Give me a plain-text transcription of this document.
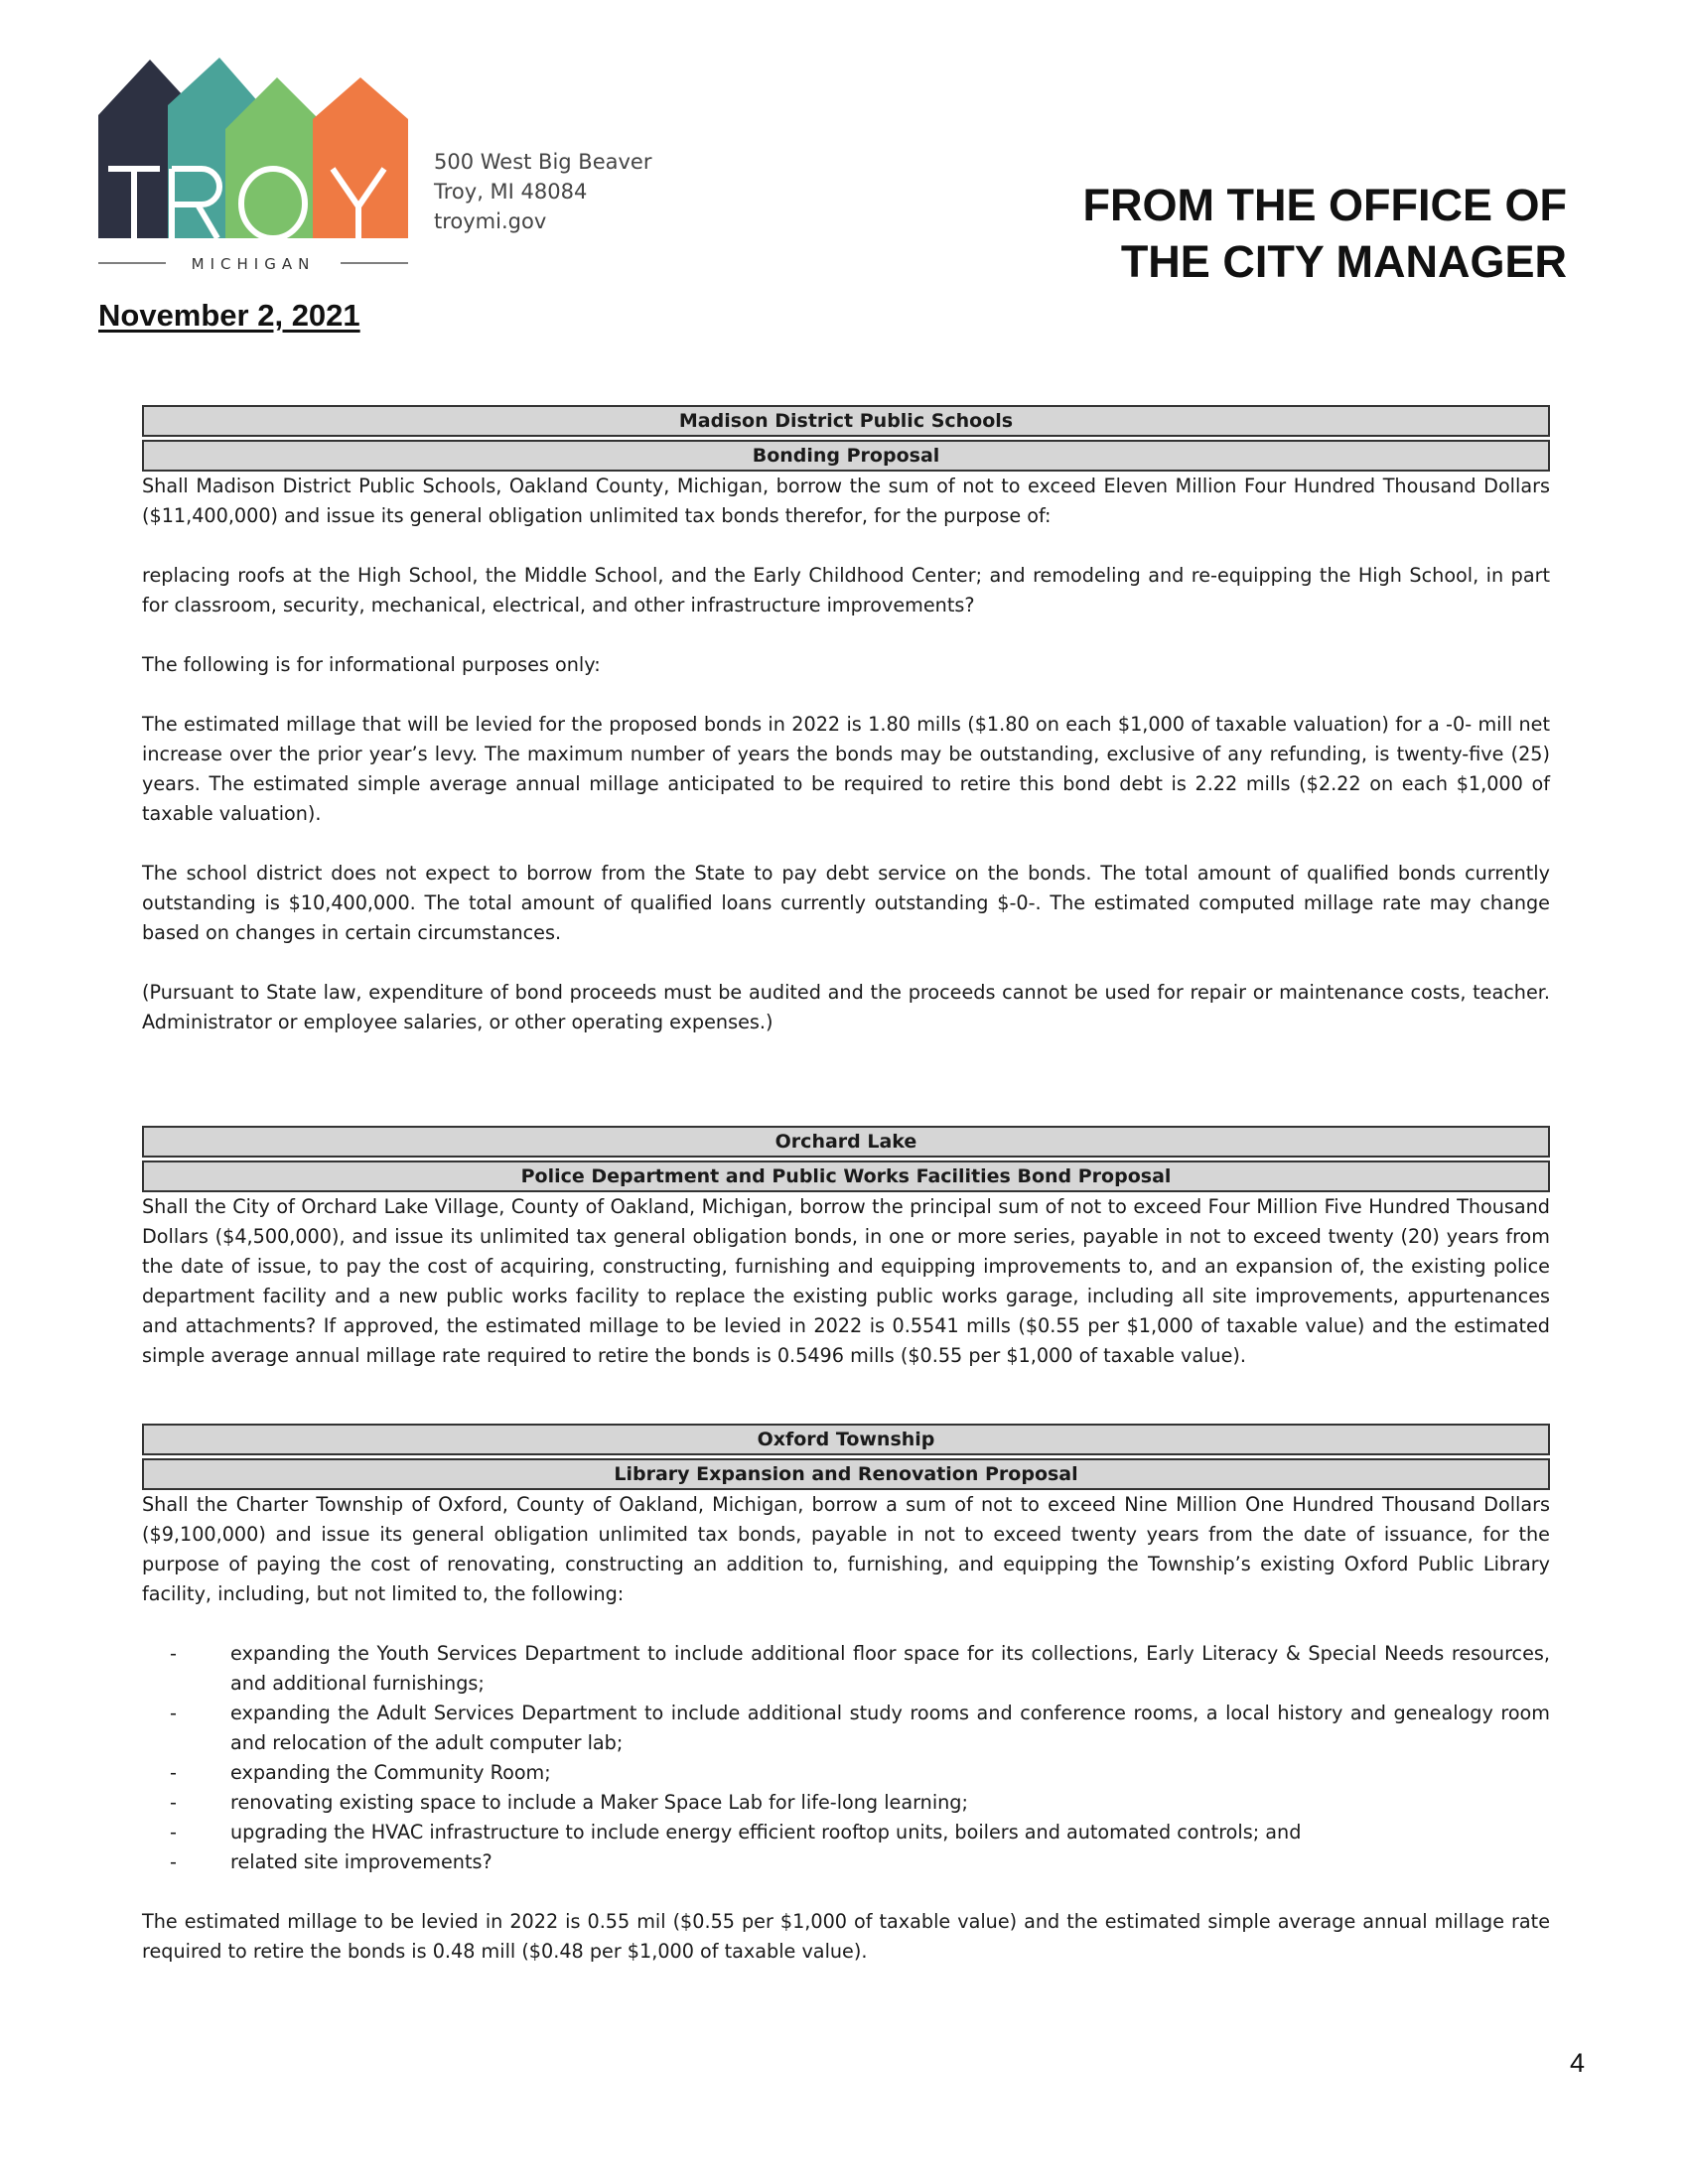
MICHIGAN
500 West Big Beaver
Troy, MI 48084
troymi.gov	FROM THE OFFICE OF
THE CITY MANAGER
November 2, 2021
Madison District Public Schools
Bonding Proposal

Shall Madison District Public Schools, Oakland County, Michigan, borrow the sum of not to exceed Eleven Million Four Hundred Thousand Dollars ($11,400,000) and issue its general obligation unlimited tax bonds therefor, for the purpose of:

replacing roofs at the High School, the Middle School, and the Early Childhood Center; and remodeling and re-equipping the High School, in part for classroom, security, mechanical, electrical, and other infrastructure improvements?

The following is for informational purposes only:

The estimated millage that will be levied for the proposed bonds in 2022 is 1.80 mills ($1.80 on each $1,000 of taxable valuation) for a -0- mill net increase over the prior year’s levy. The maximum number of years the bonds may be outstanding, exclusive of any refunding, is twenty-five (25) years. The estimated simple average annual millage anticipated to be required to retire this bond debt is 2.22 mills ($2.22 on each $1,000 of taxable valuation).

The school district does not expect to borrow from the State to pay debt service on the bonds. The total amount of qualified bonds currently outstanding is $10,400,000. The total amount of qualified loans currently outstanding $-0-. The estimated computed millage rate may change based on changes in certain circumstances.

(Pursuant to State law, expenditure of bond proceeds must be audited and the proceeds cannot be used for repair or maintenance costs, teacher. Administrator or employee salaries, or other operating expenses.)

Orchard Lake
Police Department and Public Works Facilities Bond Proposal

Shall the City of Orchard Lake Village, County of Oakland, Michigan, borrow the principal sum of not to exceed Four Million Five Hundred Thousand Dollars ($4,500,000), and issue its unlimited tax general obligation bonds, in one or more series, payable in not to exceed twenty (20) years from the date of issue, to pay the cost of acquiring, constructing, furnishing and equipping improvements to, and an expansion of, the existing police department facility and a new public works facility to replace the existing public works garage, including all site improvements, appurtenances and attachments? If approved, the estimated millage to be levied in 2022 is 0.5541 mills ($0.55 per $1,000 of taxable value) and the estimated simple average annual millage rate required to retire the bonds is 0.5496 mills ($0.55 per $1,000 of taxable value).

Oxford Township
Library Expansion and Renovation Proposal

Shall the Charter Township of Oxford, County of Oakland, Michigan, borrow a sum of not to exceed Nine Million One Hundred Thousand Dollars ($9,100,000) and issue its general obligation unlimited tax bonds, payable in not to exceed twenty years from the date of issuance, for the purpose of paying the cost of renovating, constructing an addition to, furnishing, and equipping the Township’s existing Oxford Public Library facility, including, but not limited to, the following:

-	expanding the Youth Services Department to include additional floor space for its collections, Early Literacy & Special Needs resources, and additional furnishings;
-	expanding the Adult Services Department to include additional study rooms and conference rooms, a local history and genealogy room and relocation of the adult computer lab;
-	expanding the Community Room;
-	renovating existing space to include a Maker Space Lab for life-long learning;
-	upgrading the HVAC infrastructure to include energy efficient rooftop units, boilers and automated controls; and
-	related site improvements?

The estimated millage to be levied in 2022 is 0.55 mil ($0.55 per $1,000 of taxable value) and the estimated simple average annual millage rate required to retire the bonds is 0.48 mill ($0.48 per $1,000 of taxable value).

4
